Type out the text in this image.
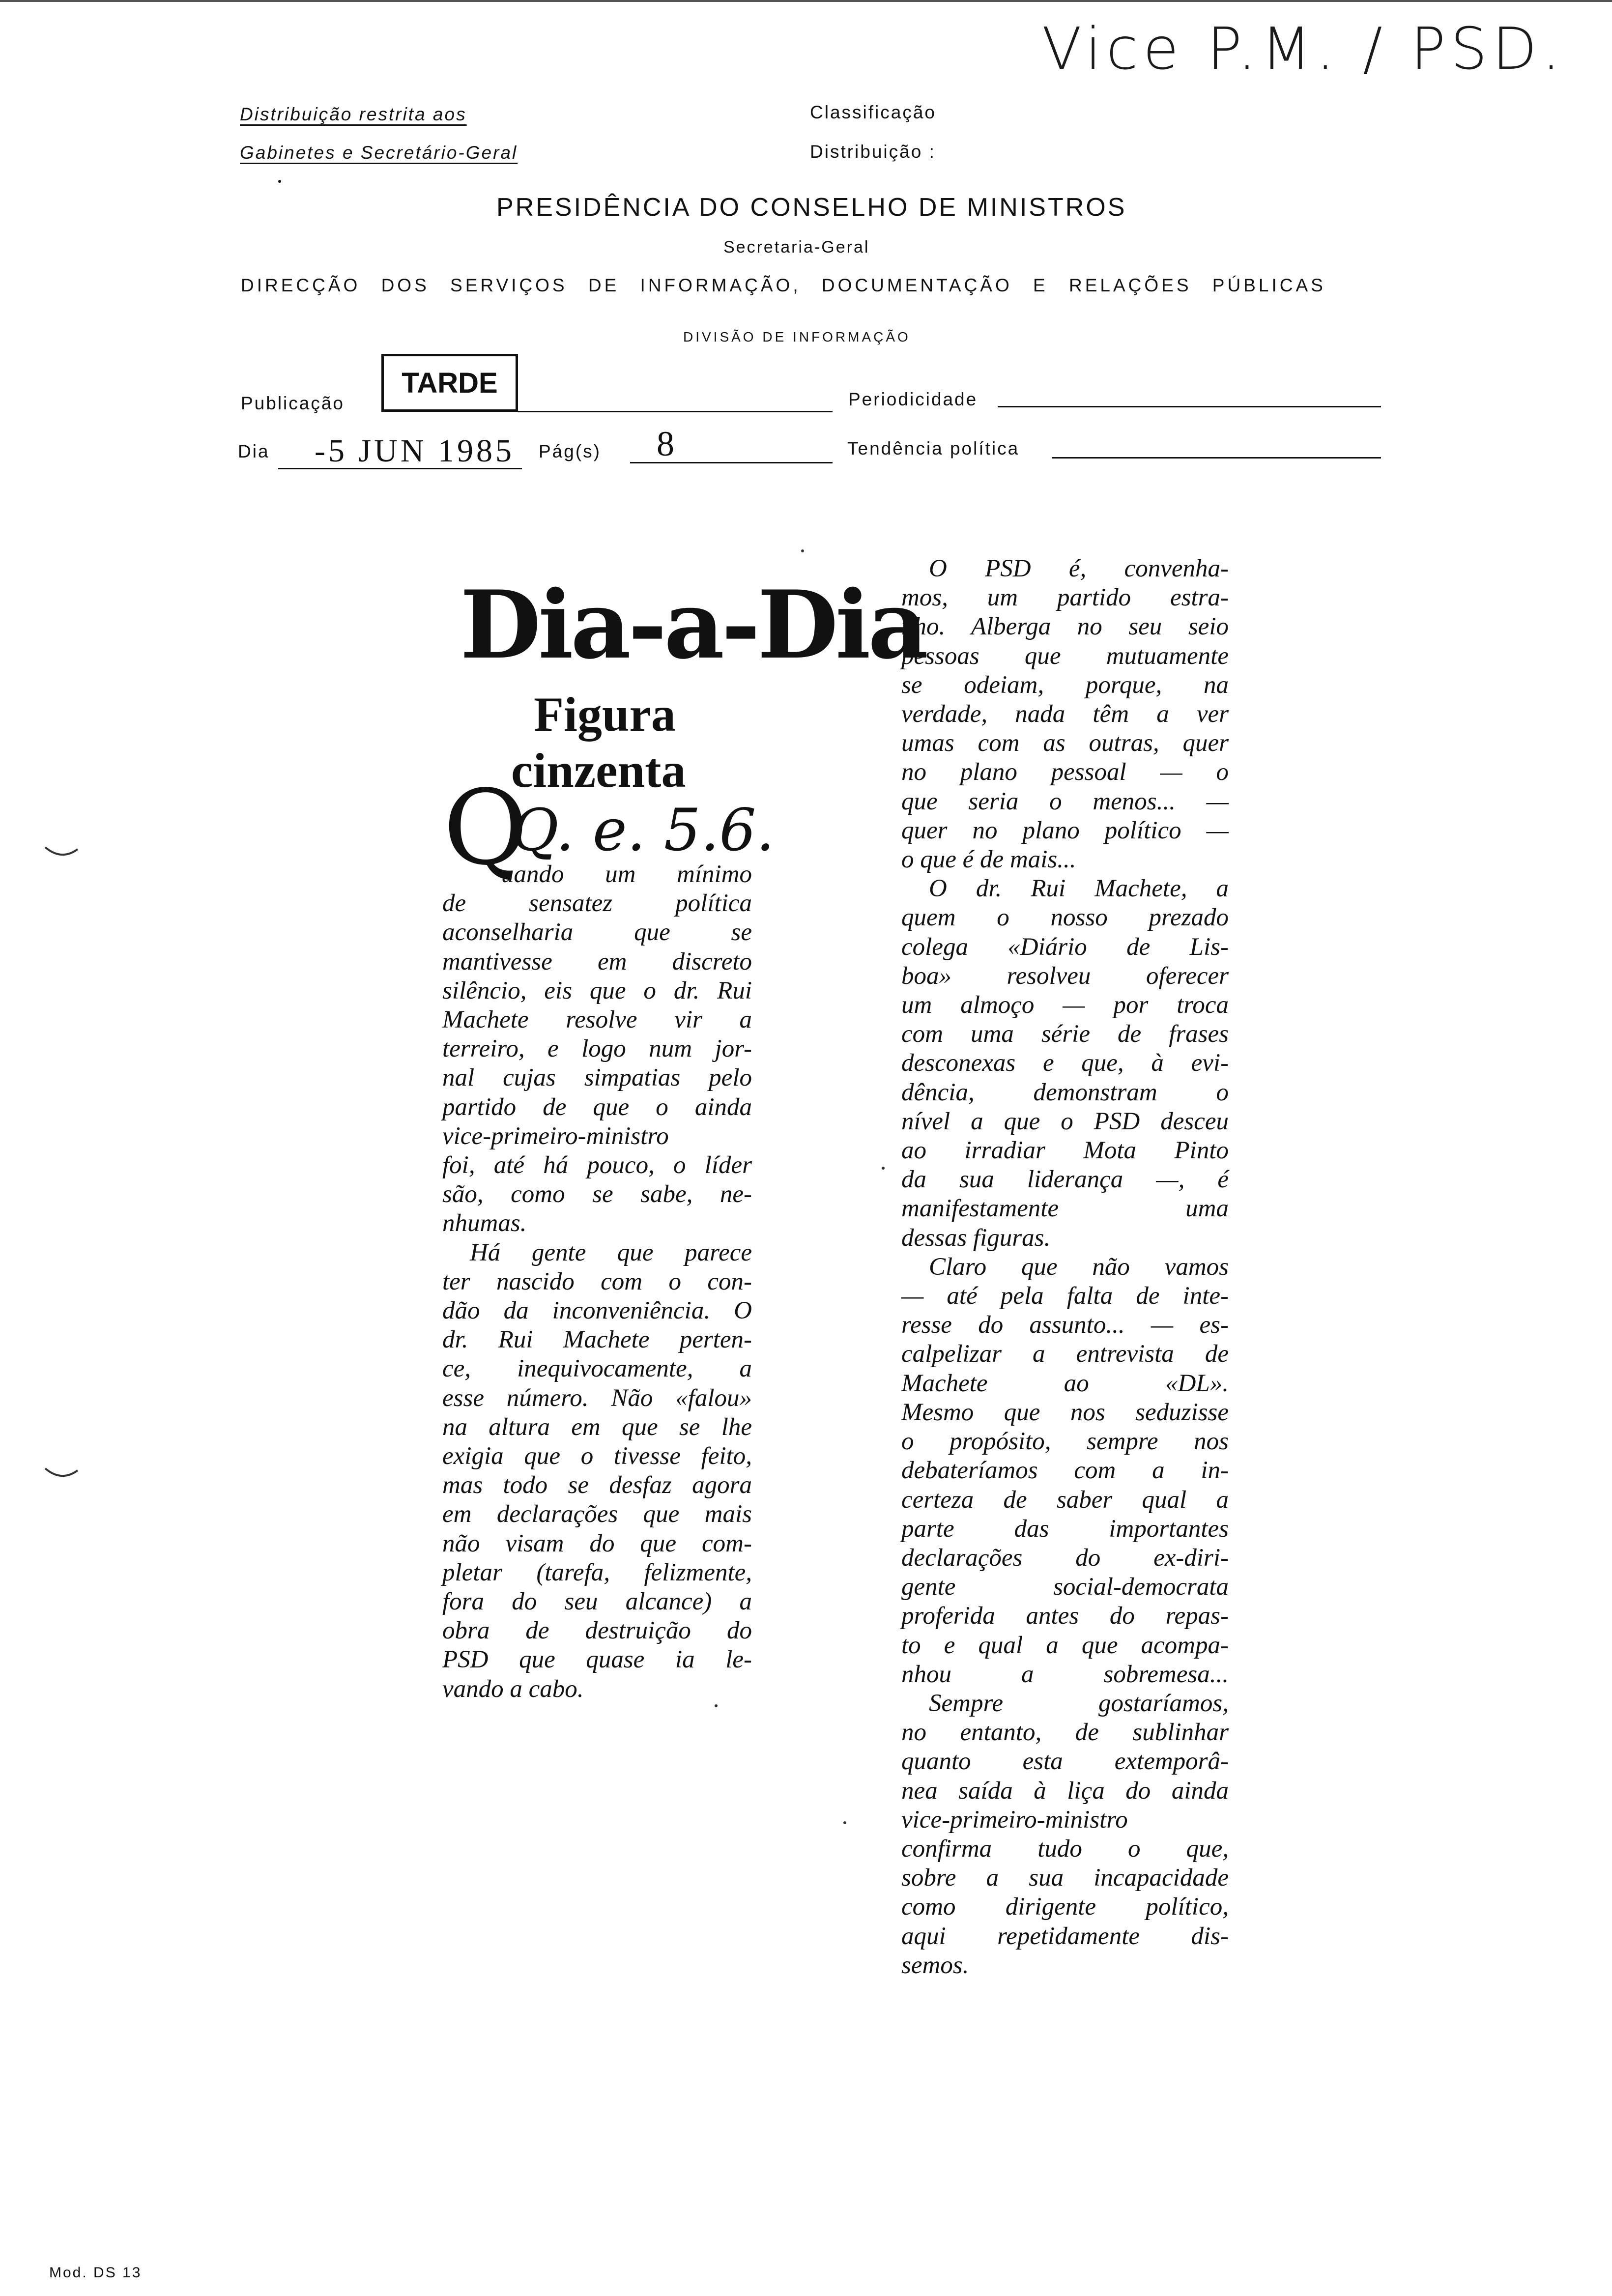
Vice P.M. / PSD.
Distribuição restrita aos
Gabinetes e Secretário-Geral
Classificação
Distribuição :
PRESIDÊNCIA DO CONSELHO DE MINISTROS
Secretaria-Geral
DIRECÇÃO DOS SERVIÇOS DE INFORMAÇÃO, DOCUMENTAÇÃO E RELAÇÕES PÚBLICAS
DIVISÃO DE INFORMAÇÃO
Publicação
TARDE
Periodicidade
Dia -5 JUN 1985 Pág(s) 8	Tendência política
Dia-a-Dia
Figura
cinzenta
Q. e. 5.6.
Q

uando um mínimo

de sensatez política

aconselharia que se

mantivesse em discreto

silêncio, eis que o dr. Rui

Machete resolve vir a

terreiro, e logo num jor-

nal cujas simpatias pelo

partido de que o ainda

vice-primeiro-ministro

foi, até há pouco, o líder

são, como se sabe, ne-

nhumas.

Há gente que parece

ter nascido com o con-

dão da inconveniência. O

dr. Rui Machete perten-

ce, inequivocamente, a

esse número. Não «falou»

na altura em que se lhe

exigia que o tivesse feito,

mas todo se desfaz agora

em declarações que mais

não visam do que com-

pletar (tarefa, felizmente,

fora do seu alcance) a

obra de destruição do

PSD que quase ia le-

vando a cabo.

O PSD é, convenha-

mos, um partido estra-

nho. Alberga no seu seio

pessoas que mutuamente

se odeiam, porque, na

verdade, nada têm a ver

umas com as outras, quer

no plano pessoal — o

que seria o menos... —

quer no plano político —

o que é de mais...

O dr. Rui Machete, a

quem o nosso prezado

colega «Diário de Lis-

boa» resolveu oferecer

um almoço — por troca

com uma série de frases

desconexas e que, à evi-

dência, demonstram o

nível a que o PSD desceu

ao irradiar Mota Pinto

da sua liderança —, é

manifestamente uma

dessas figuras.

Claro que não vamos

— até pela falta de inte-

resse do assunto... — es-

calpelizar a entrevista de

Machete ao «DL».

Mesmo que nos seduzisse

o propósito, sempre nos

debateríamos com a in-

certeza de saber qual a

parte das importantes

declarações do ex-diri-

gente social-democrata

proferida antes do repas-

to e qual a que acompa-

nhou a sobremesa...

Sempre gostaríamos,

no entanto, de sublinhar

quanto esta extemporâ-

nea saída à liça do ainda

vice-primeiro-ministro

confirma tudo o que,

sobre a sua incapacidade

como dirigente político,

aqui repetidamente dis-

semos.

Mod. DS 13
